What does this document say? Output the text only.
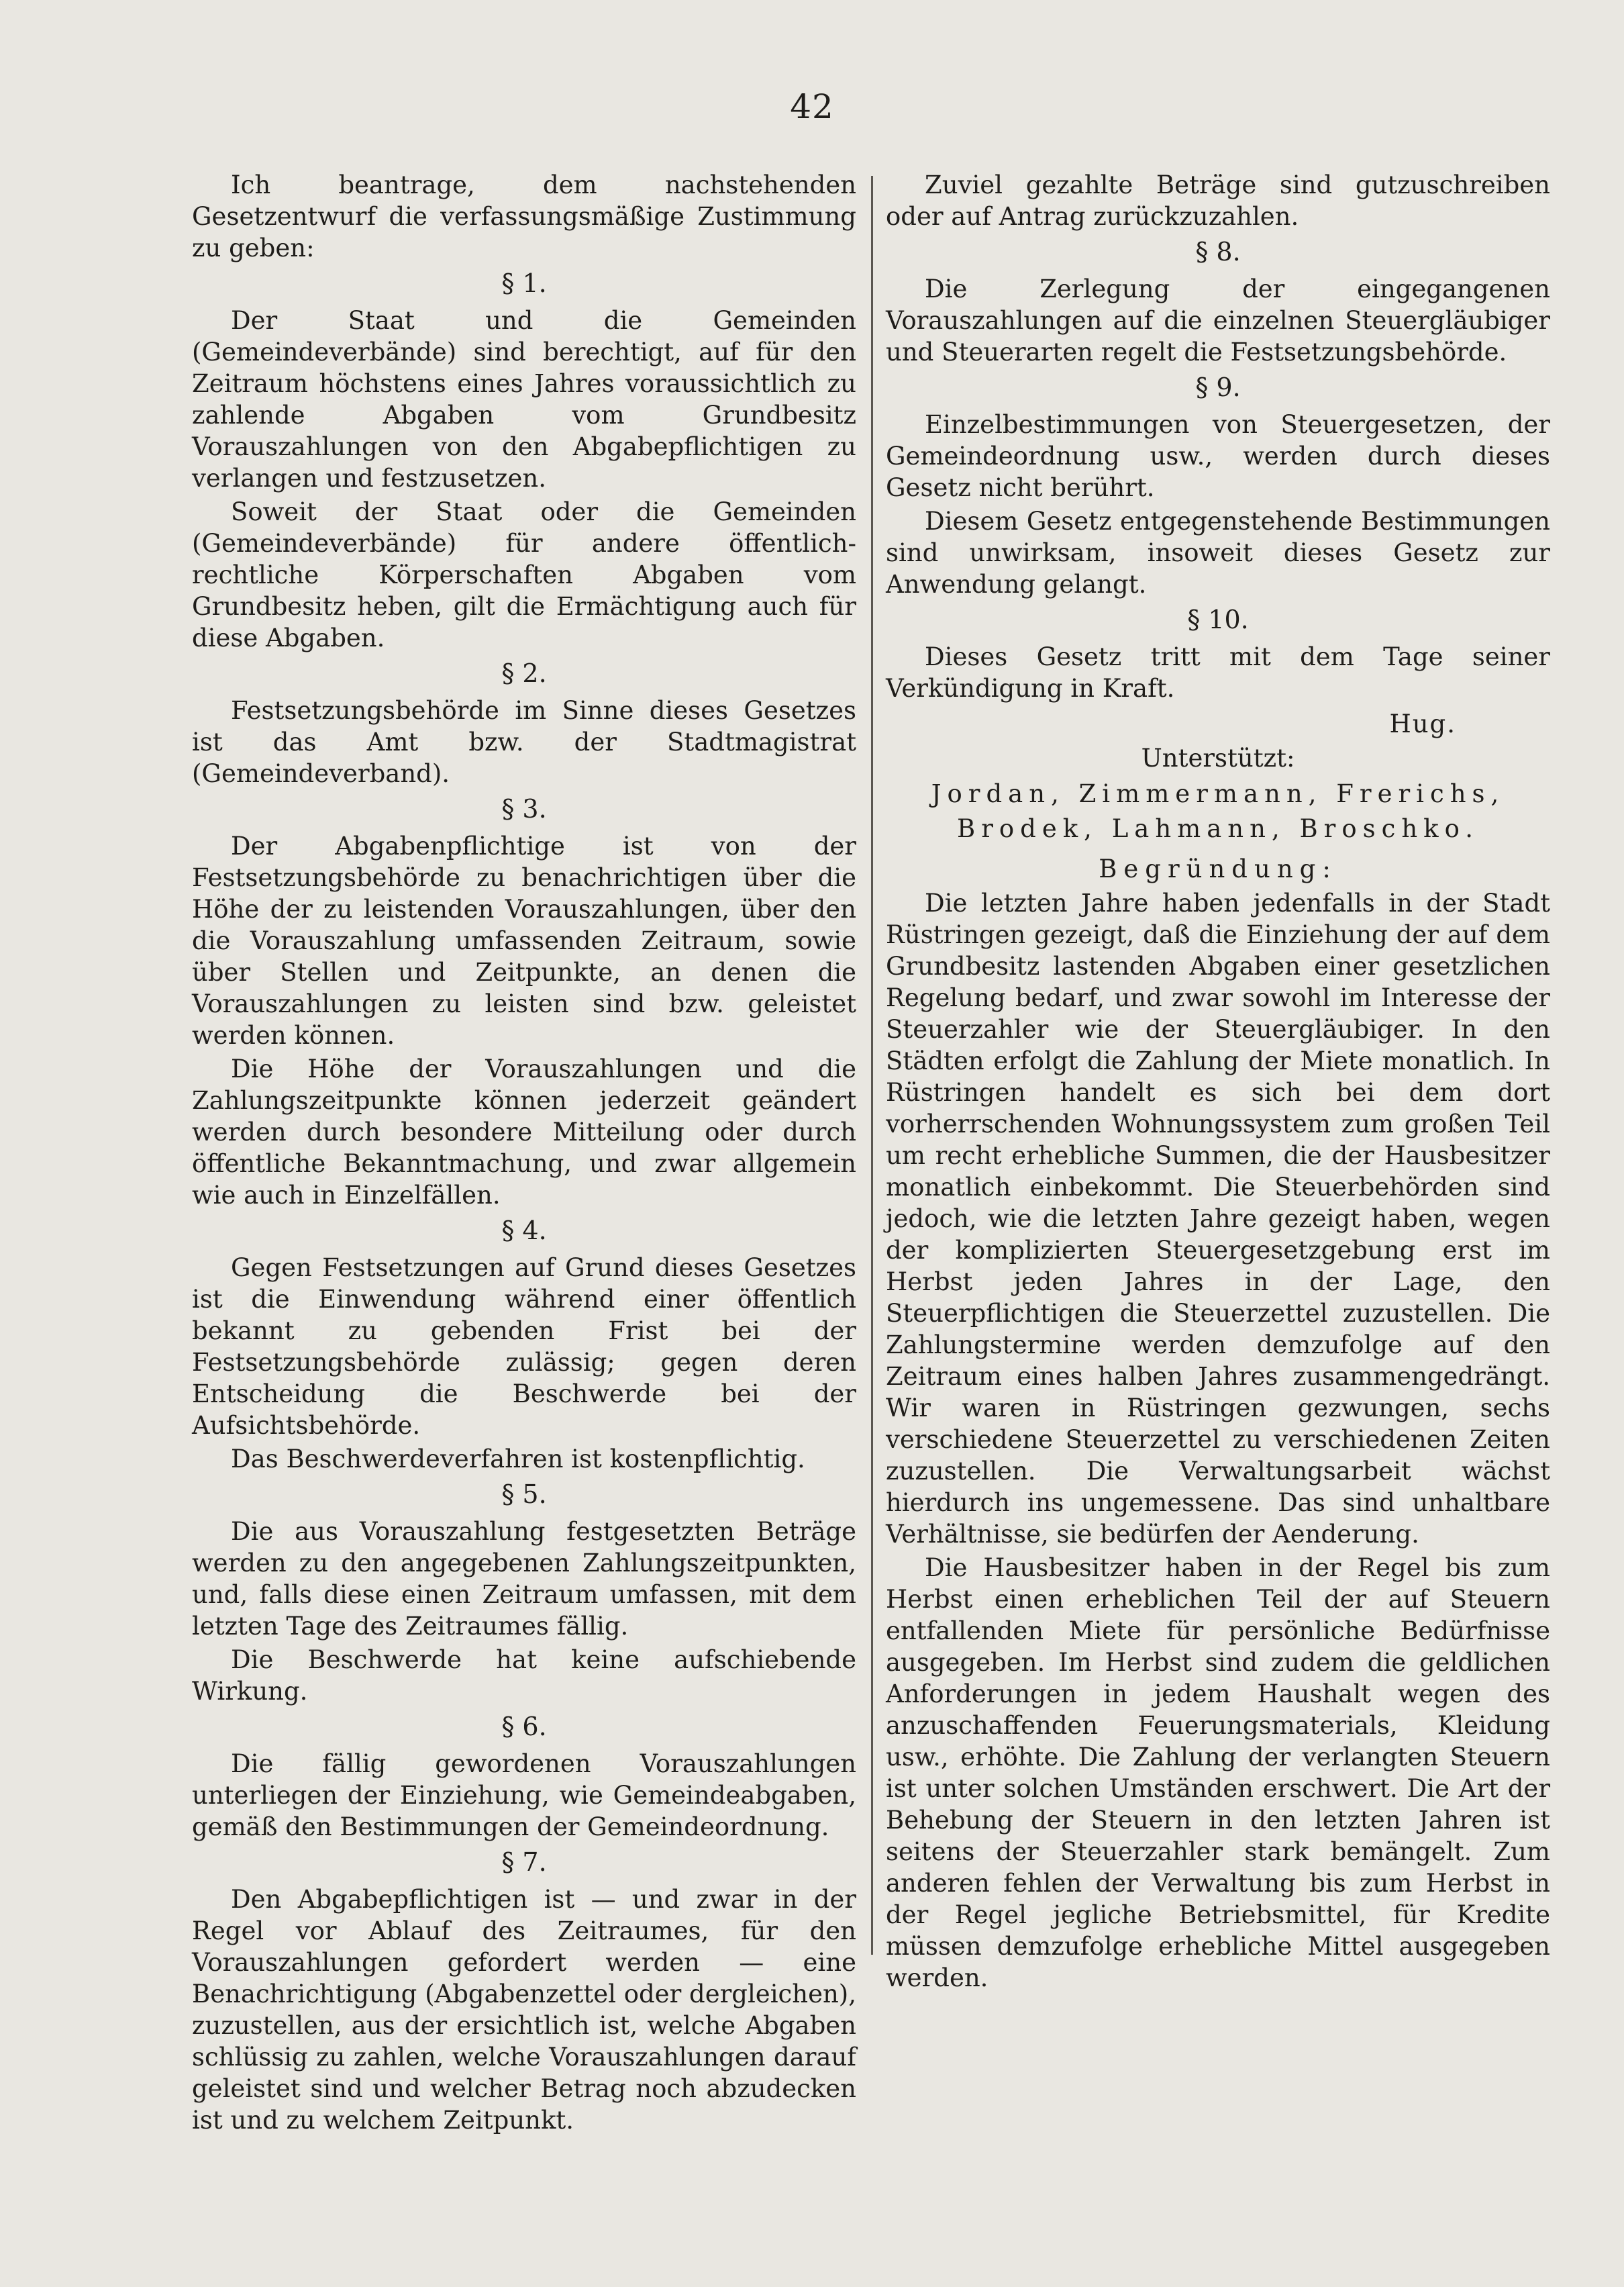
42

Ich beantrage, dem nachstehenden Gesetzentwurf die verfassungsmäßige Zustimmung zu geben:

§ 1.

Der Staat und die Gemeinden (Gemeindeverbände) sind berechtigt, auf für den Zeitraum höchstens eines Jahres voraussichtlich zu zahlende Abgaben vom Grundbesitz Vorauszahlungen von den Abgabepflichtigen zu verlangen und festzusetzen.

Soweit der Staat oder die Gemeinden (Gemeindeverbände) für andere öffentlich-rechtliche Körperschaften Abgaben vom Grundbesitz heben, gilt die Ermächtigung auch für diese Abgaben.

§ 2.

Festsetzungsbehörde im Sinne dieses Gesetzes ist das Amt bzw. der Stadtmagistrat (Gemeindeverband).

§ 3.

Der Abgabenpflichtige ist von der Festsetzungsbehörde zu benachrichtigen über die Höhe der zu leistenden Vorauszahlungen, über den die Vorauszahlung umfassenden Zeitraum, sowie über Stellen und Zeitpunkte, an denen die Vorauszahlungen zu leisten sind bzw. geleistet werden können.

Die Höhe der Vorauszahlungen und die Zahlungszeitpunkte können jederzeit geändert werden durch besondere Mitteilung oder durch öffentliche Bekanntmachung, und zwar allgemein wie auch in Einzelfällen.

§ 4.

Gegen Festsetzungen auf Grund dieses Gesetzes ist die Einwendung während einer öffentlich bekannt zu gebenden Frist bei der Festsetzungsbehörde zulässig; gegen deren Entscheidung die Beschwerde bei der Aufsichtsbehörde.

Das Beschwerdeverfahren ist kostenpflichtig.

§ 5.

Die aus Vorauszahlung festgesetzten Beträge werden zu den angegebenen Zahlungszeitpunkten, und, falls diese einen Zeitraum umfassen, mit dem letzten Tage des Zeitraumes fällig.

Die Beschwerde hat keine aufschiebende Wirkung.

§ 6.

Die fällig gewordenen Vorauszahlungen unterliegen der Einziehung, wie Gemeindeabgaben, gemäß den Bestimmungen der Gemeindeordnung.

§ 7.

Den Abgabepflichtigen ist — und zwar in der Regel vor Ablauf des Zeitraumes, für den Vorauszahlungen gefordert werden — eine Benachrichtigung (Abgabenzettel oder dergleichen), zuzustellen, aus der ersichtlich ist, welche Abgaben schlüssig zu zahlen, welche Vorauszahlungen darauf geleistet sind und welcher Betrag noch abzudecken ist und zu welchem Zeitpunkt.

Zuviel gezahlte Beträge sind gutzuschreiben oder auf Antrag zurückzuzahlen.

§ 8.

Die Zerlegung der eingegangenen Vorauszahlungen auf die einzelnen Steuergläubiger und Steuerarten regelt die Festsetzungsbehörde.

§ 9.

Einzelbestimmungen von Steuergesetzen, der Gemeindeordnung usw., werden durch dieses Gesetz nicht berührt.

Diesem Gesetz entgegenstehende Bestimmungen sind unwirksam, insoweit dieses Gesetz zur Anwendung gelangt.

§ 10.

Dieses Gesetz tritt mit dem Tage seiner Verkündigung in Kraft.

Hug.
Unterstützt:
Jordan, Zimmermann, Frerichs, Brodek, Lahmann, Broschko.
Begründung:

Die letzten Jahre haben jedenfalls in der Stadt Rüstringen gezeigt, daß die Einziehung der auf dem Grundbesitz lastenden Abgaben einer gesetzlichen Regelung bedarf, und zwar sowohl im Interesse der Steuerzahler wie der Steuergläubiger. In den Städten erfolgt die Zahlung der Miete monatlich. In Rüstringen handelt es sich bei dem dort vorherrschenden Wohnungssystem zum großen Teil um recht erhebliche Summen, die der Hausbesitzer monatlich einbekommt. Die Steuerbehörden sind jedoch, wie die letzten Jahre gezeigt haben, wegen der komplizierten Steuergesetzgebung erst im Herbst jeden Jahres in der Lage, den Steuerpflichtigen die Steuerzettel zuzustellen. Die Zahlungstermine werden demzufolge auf den Zeitraum eines halben Jahres zusammengedrängt. Wir waren in Rüstringen gezwungen, sechs verschiedene Steuerzettel zu verschiedenen Zeiten zuzustellen. Die Verwaltungsarbeit wächst hierdurch ins ungemessene. Das sind unhaltbare Verhältnisse, sie bedürfen der Aenderung.

Die Hausbesitzer haben in der Regel bis zum Herbst einen erheblichen Teil der auf Steuern entfallenden Miete für persönliche Bedürfnisse ausgegeben. Im Herbst sind zudem die geldlichen Anforderungen in jedem Haushalt wegen des anzuschaffenden Feuerungsmaterials, Kleidung usw., erhöhte. Die Zahlung der verlangten Steuern ist unter solchen Umständen erschwert. Die Art der Behebung der Steuern in den letzten Jahren ist seitens der Steuerzahler stark bemängelt. Zum anderen fehlen der Verwaltung bis zum Herbst in der Regel jegliche Betriebsmittel, für Kredite müssen demzufolge erhebliche Mittel ausgegeben werden.
